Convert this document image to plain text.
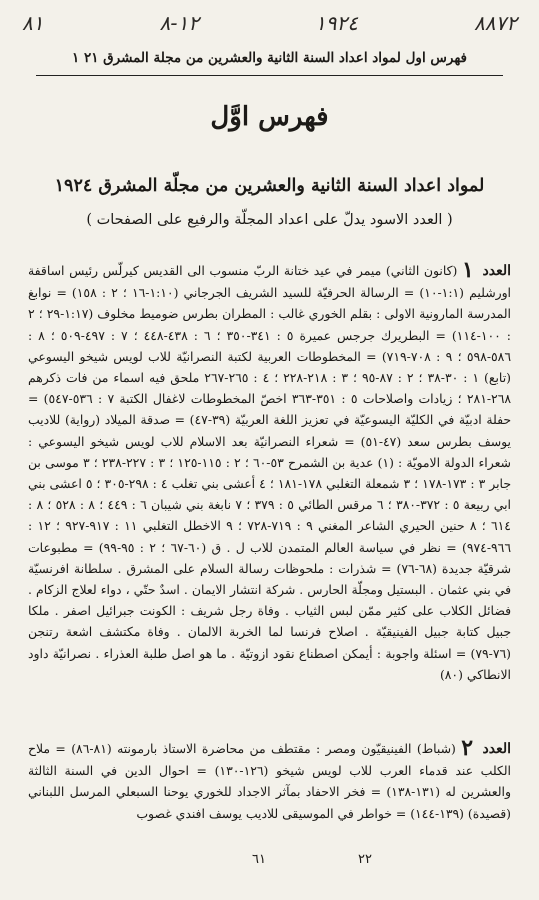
٨١	١٢-٨	١٩٢٤	٨٨٧٢
فهرس اول لمواد اعداد السنة الثانية والعشرين من مجلة المشرق ٢١ ١
فهرس اوَّل
لمواد اعداد السنة الثانية والعشرين من مجلّة المشرق ١٩٢٤
( العدد الاسود يدلّ على اعداد المجلّة والرفيع على الصفحات )
العدد ١ (كانون الثاني) ميمر في عيد ختانة الربّ منسوب الى القديس كيرلّس رئيس اساقفة اورشليم (١:١-١٠) = الرسالة الحرفيّة للسيد الشريف الجرجاني (١:١٠-١٦ ؛ ٢ : ١٥٨) = نوابغ المدرسة المارونية الاولى : بقلم الخوري غالب : المطران بطرس ضوميط مخلوف (١:١٧-٢٩ ؛ ٢ : ١٠٠-١١٤) = البطريرك جرجس عميرة ٥ : ٣٤١-٣٥٠ ؛ ٦ : ٤٣٨-٤٤٨ ؛ ٧ : ٤٩٧-٥٠٩ ؛ ٨ : ٥٨٦-٥٩٨ ؛ ٩ : ٧٠٨-٧١٩) = المخطوطات العربية لكتبة النصرانيّة للاب لويس شيخو اليسوعي (تابع) ١ : ٣٠-٣٨ ؛ ٢ : ٨٧-٩٥ ؛ ٣ : ٢١٨-٢٢٨ ؛ ٤ : ٢٦٥-٢٦٧ ملحق فيه اسماء من فات ذكرهم ٢٦٨-٢٨١ ؛ زيادات واصلاحات ٥ : ٣٥١-٣٦٣ اخصّ المخطوطات لاغفال الكتبة ٧ : ٥٣٦-٥٤٧) = حفلة ادبيّة في الكليّة اليسوعيّة في تعزيز اللغة العربيّة (٣٩-٤٧) = صدقة الميلاد (رواية) للاديب يوسف بطرس سعد (٤٧-٥١) = شعراء النصرانيّة بعد الاسلام للاب لويس شيخو اليسوعي : شعراء الدولة الامويّة : (١) عدية بن الشمرح ٥٣-٦٠ ؛ ٢ : ١١٥-١٢٥ ؛ ٣ : ٢٢٧-٢٣٨ ؛ ٣ موسى بن جابر ٣ : ١٧٣-١٧٨ ؛ ٣ شمعلة التغلبي ١٧٨-١٨١ ؛ ٤ أعشى بني تغلب ٤ : ٢٩٨-٣٠٥ ؛ ٥ اعشى بني ابي ربيعة ٥ : ٣٧٢-٣٨٠ ؛ ٦ مرقس الطائي ٥ : ٣٧٩ ؛ ٧ نابغة بني شيبان ٦ : ٤٤٩ ؛ ٨ : ٥٢٨ ؛ ٨ : ٦١٤ ؛ ٨ حنين الحيري الشاعر المغني ٩ : ٧١٩-٧٢٨ ؛ ٩ الاخطل التغلبي ١١ : ٩١٧-٩٢٧ ؛ ١٢ : ٩٦٦-٩٧٤) = نظر في سياسة العالم المتمدن للاب ل . ق (٦٠-٦٧ ؛ ٢ : ٩٥-٩٩) = مطبوعات شرقيّة جديدة (٦٨-٧٦) = شذرات : ملحوظات رسالة السلام على المشرق . سلطانة افرنسيّة في بني عثمان . البستيل ومجلّة الحارس . شركة انتشار الايمان . اسدٌ حتّي ، دواء لعلاج الزكام . فضائل الكلاب على كثير ممّن لبس الثياب . وفاة رجل شريف : الكونت جبرائيل اصفر . ملكا جبيل كتابة جبيل الفينيقيّة . اصلاح فرنسا لما الخربة الالمان . وفاة مكتشف اشعة رتنجن (٧٦-٧٩) = اسئلة واجوبة : أيمكن اصطناع نقود ازوتيّة . ما هو اصل طلبة العذراء . نصرانيّة داود الانطاكي (٨٠)
العدد ٢ (شباط) الفينيقيّون ومصر : مقتطف من محاضرة الاستاذ بارمونته (٨١-٨٦) = ملاح الكلب عند قدماء العرب للاب لويس شيخو (١٢٦-١٣٠) = احوال الدين في السنة الثالثة والعشرين له (١٣١-١٣٨) = فخر الاحفاد بمآثر الاجداد للخوري يوحنا السبعلي المرسل اللبناني (قصيدة) (١٣٩-١٤٤) = خواطر في الموسيقى للاديب يوسف افندي غصوب
٦١	٢٢
